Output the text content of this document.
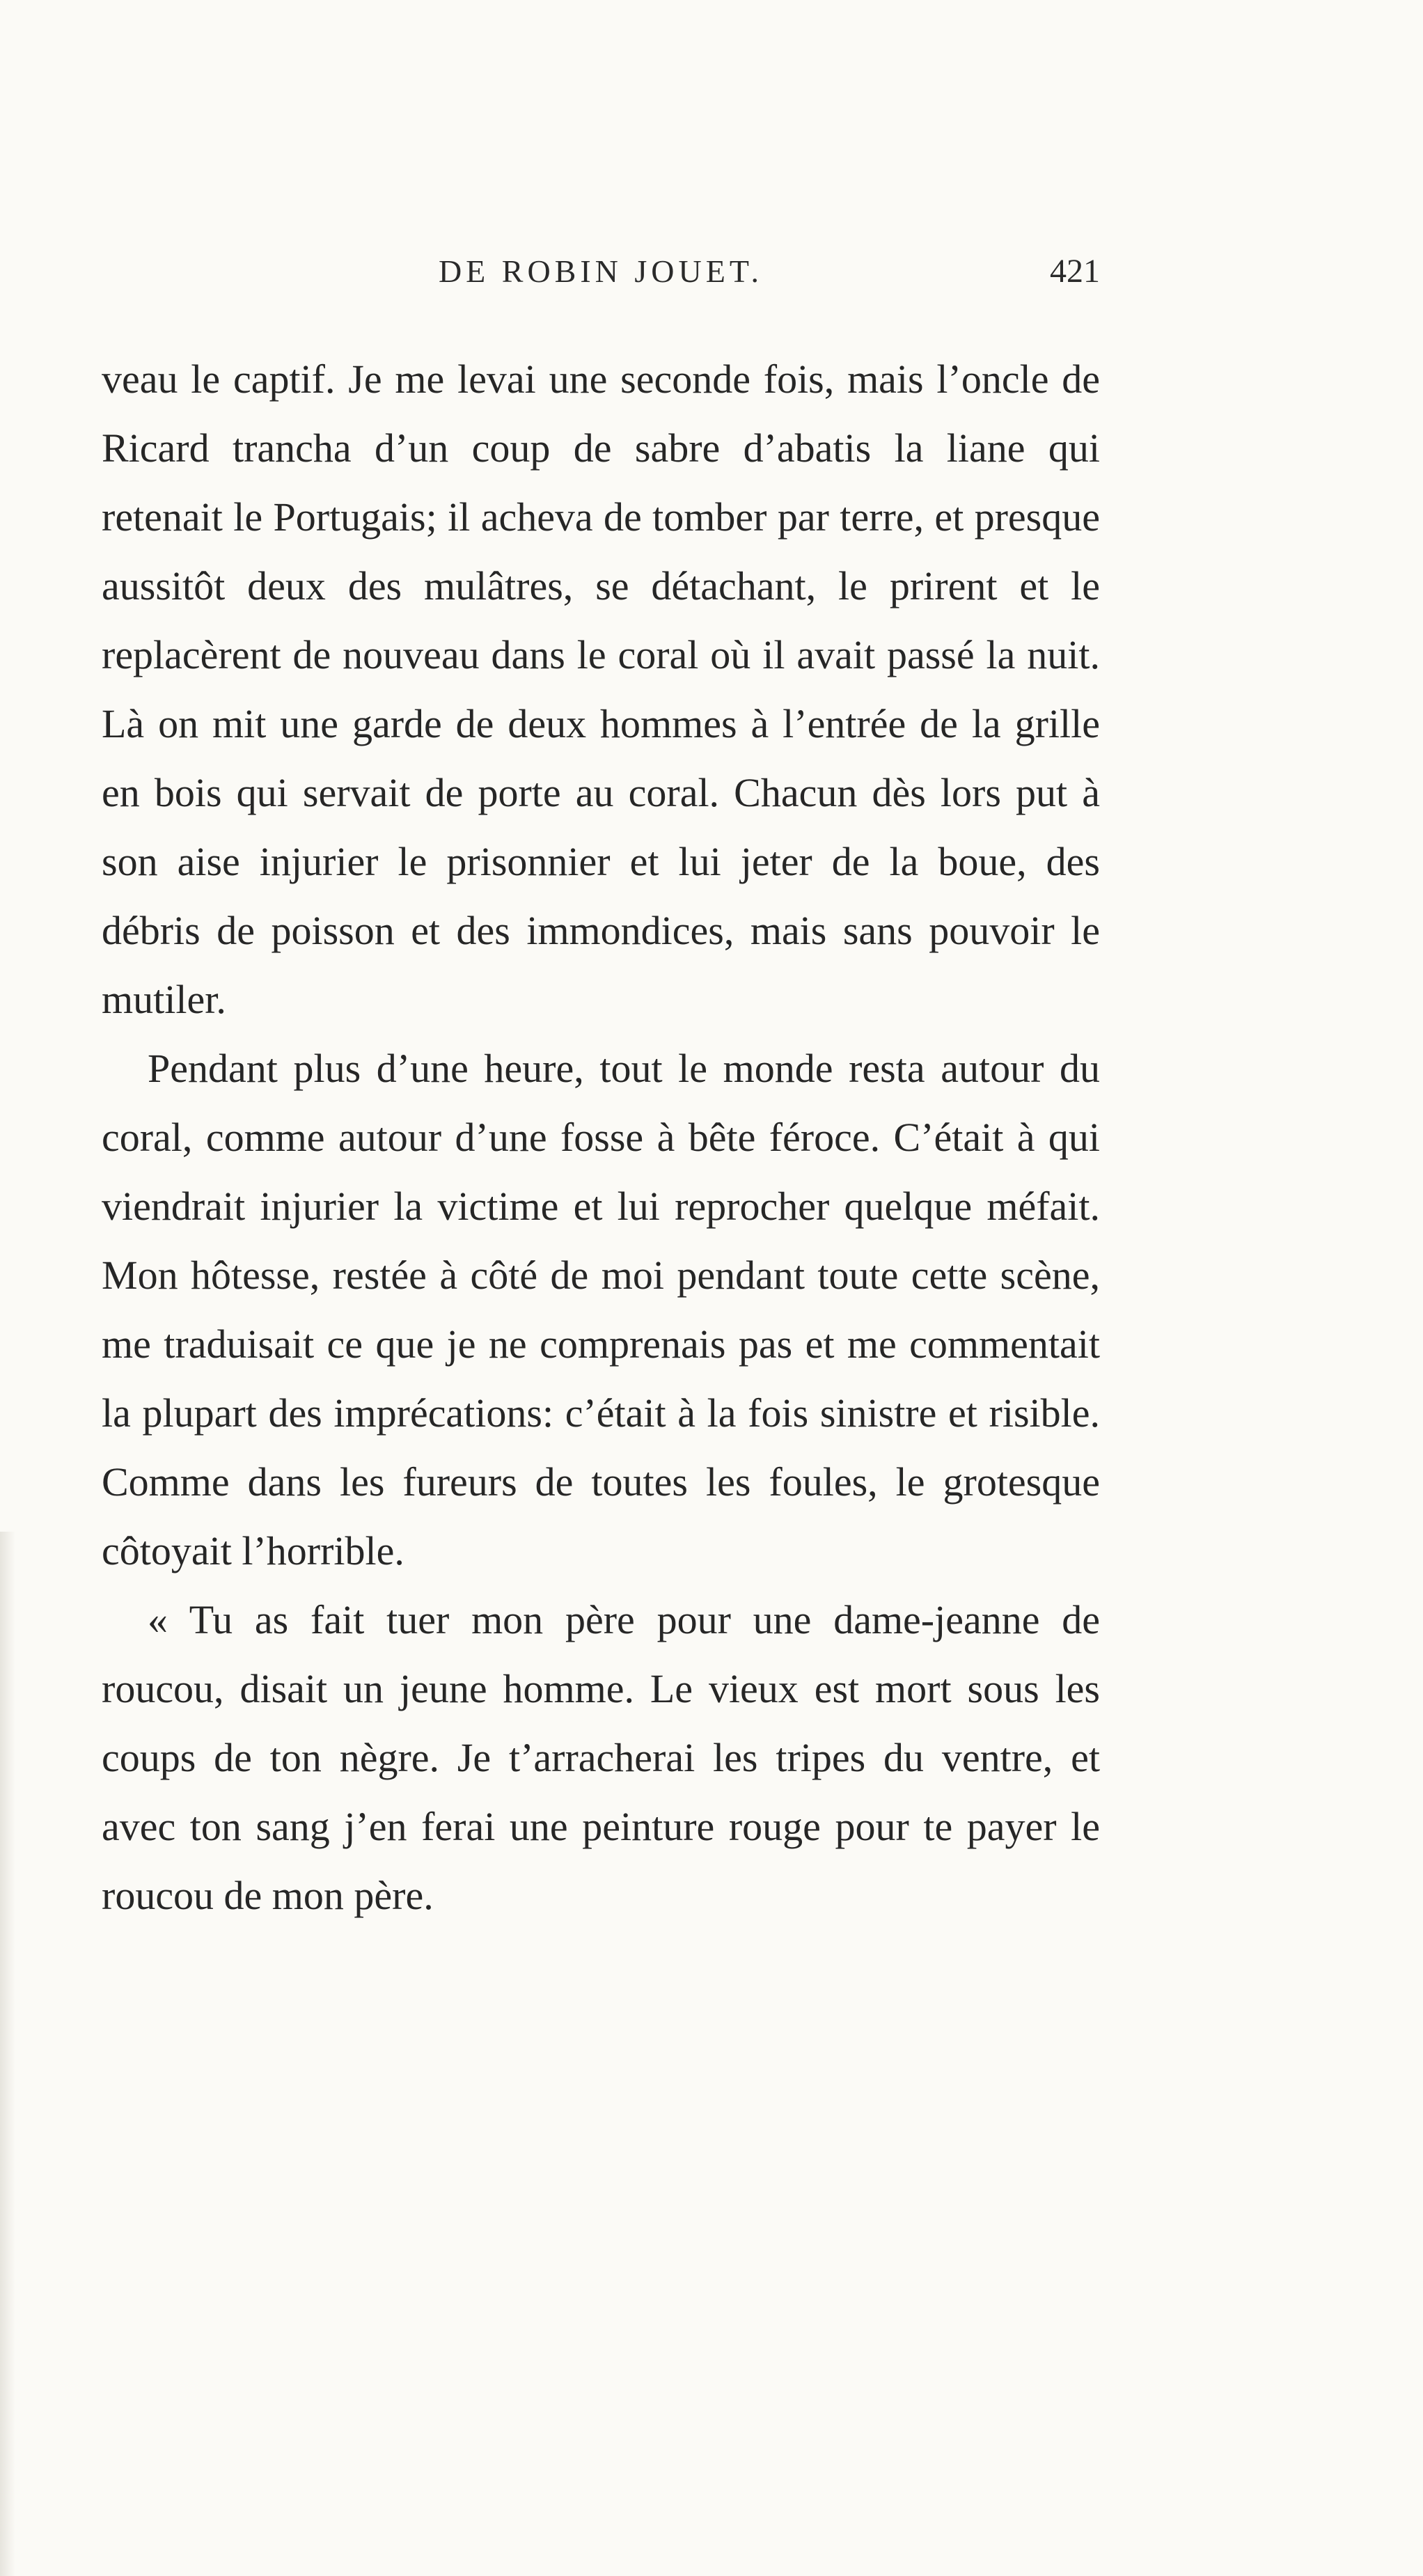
DE ROBIN JOUET.	421

veau le captif. Je me levai une seconde fois, mais l’oncle de Ricard trancha d’un coup de sabre d’abatis la liane qui retenait le Portugais; il acheva de tomber par terre, et presque aussitôt deux des mulâtres, se détachant, le prirent et le replacèrent de nouveau dans le coral où il avait passé la nuit. Là on mit une garde de deux hommes à l’entrée de la grille en bois qui servait de porte au coral. Chacun dès lors put à son aise injurier le prisonnier et lui jeter de la boue, des débris de poisson et des immondices, mais sans pouvoir le mutiler.

Pendant plus d’une heure, tout le monde resta autour du coral, comme autour d’une fosse à bête féroce. C’était à qui viendrait injurier la victime et lui reprocher quelque méfait. Mon hôtesse, restée à côté de moi pendant toute cette scène, me traduisait ce que je ne comprenais pas et me commentait la plupart des imprécations: c’était à la fois sinistre et risible. Comme dans les fureurs de toutes les foules, le grotesque côtoyait l’horrible.

« Tu as fait tuer mon père pour une dame-jeanne de roucou, disait un jeune homme. Le vieux est mort sous les coups de ton nègre. Je t’arracherai les tripes du ventre, et avec ton sang j’en ferai une peinture rouge pour te payer le roucou de mon père.
